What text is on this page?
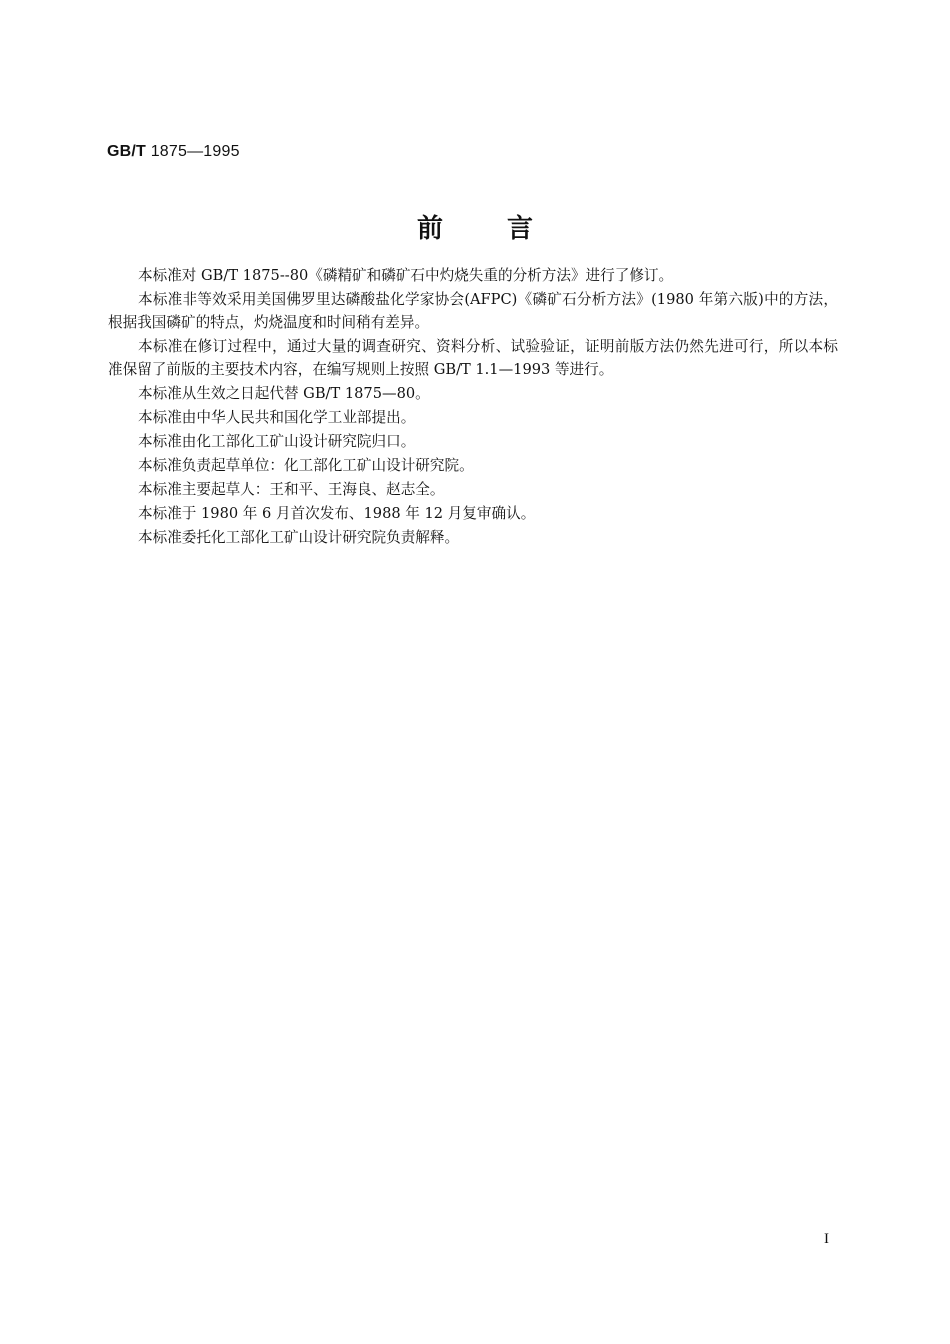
GB/T 1875—1995
前言

本标准对 GB/T 1875--80《磷精矿和磷矿石中灼烧失重的分析方法》进行了修订。

本标准非等效采用美国佛罗里达磷酸盐化学家协会(AFPC)《磷矿石分析方法》(1980 年第六版)中的方法，根据我国磷矿的特点，灼烧温度和时间稍有差异。

本标准在修订过程中，通过大量的调查研究、资料分析、试验验证，证明前版方法仍然先进可行，所以本标准保留了前版的主要技术内容，在编写规则上按照 GB/T 1.1—1993 等进行。

本标准从生效之日起代替 GB/T 1875—80。

本标准由中华人民共和国化学工业部提出。

本标准由化工部化工矿山设计研究院归口。

本标准负责起草单位：化工部化工矿山设计研究院。

本标准主要起草人：王和平、王海良、赵志全。

本标准于 1980 年 6 月首次发布、1988 年 12 月复审确认。

本标准委托化工部化工矿山设计研究院负责解释。

I
